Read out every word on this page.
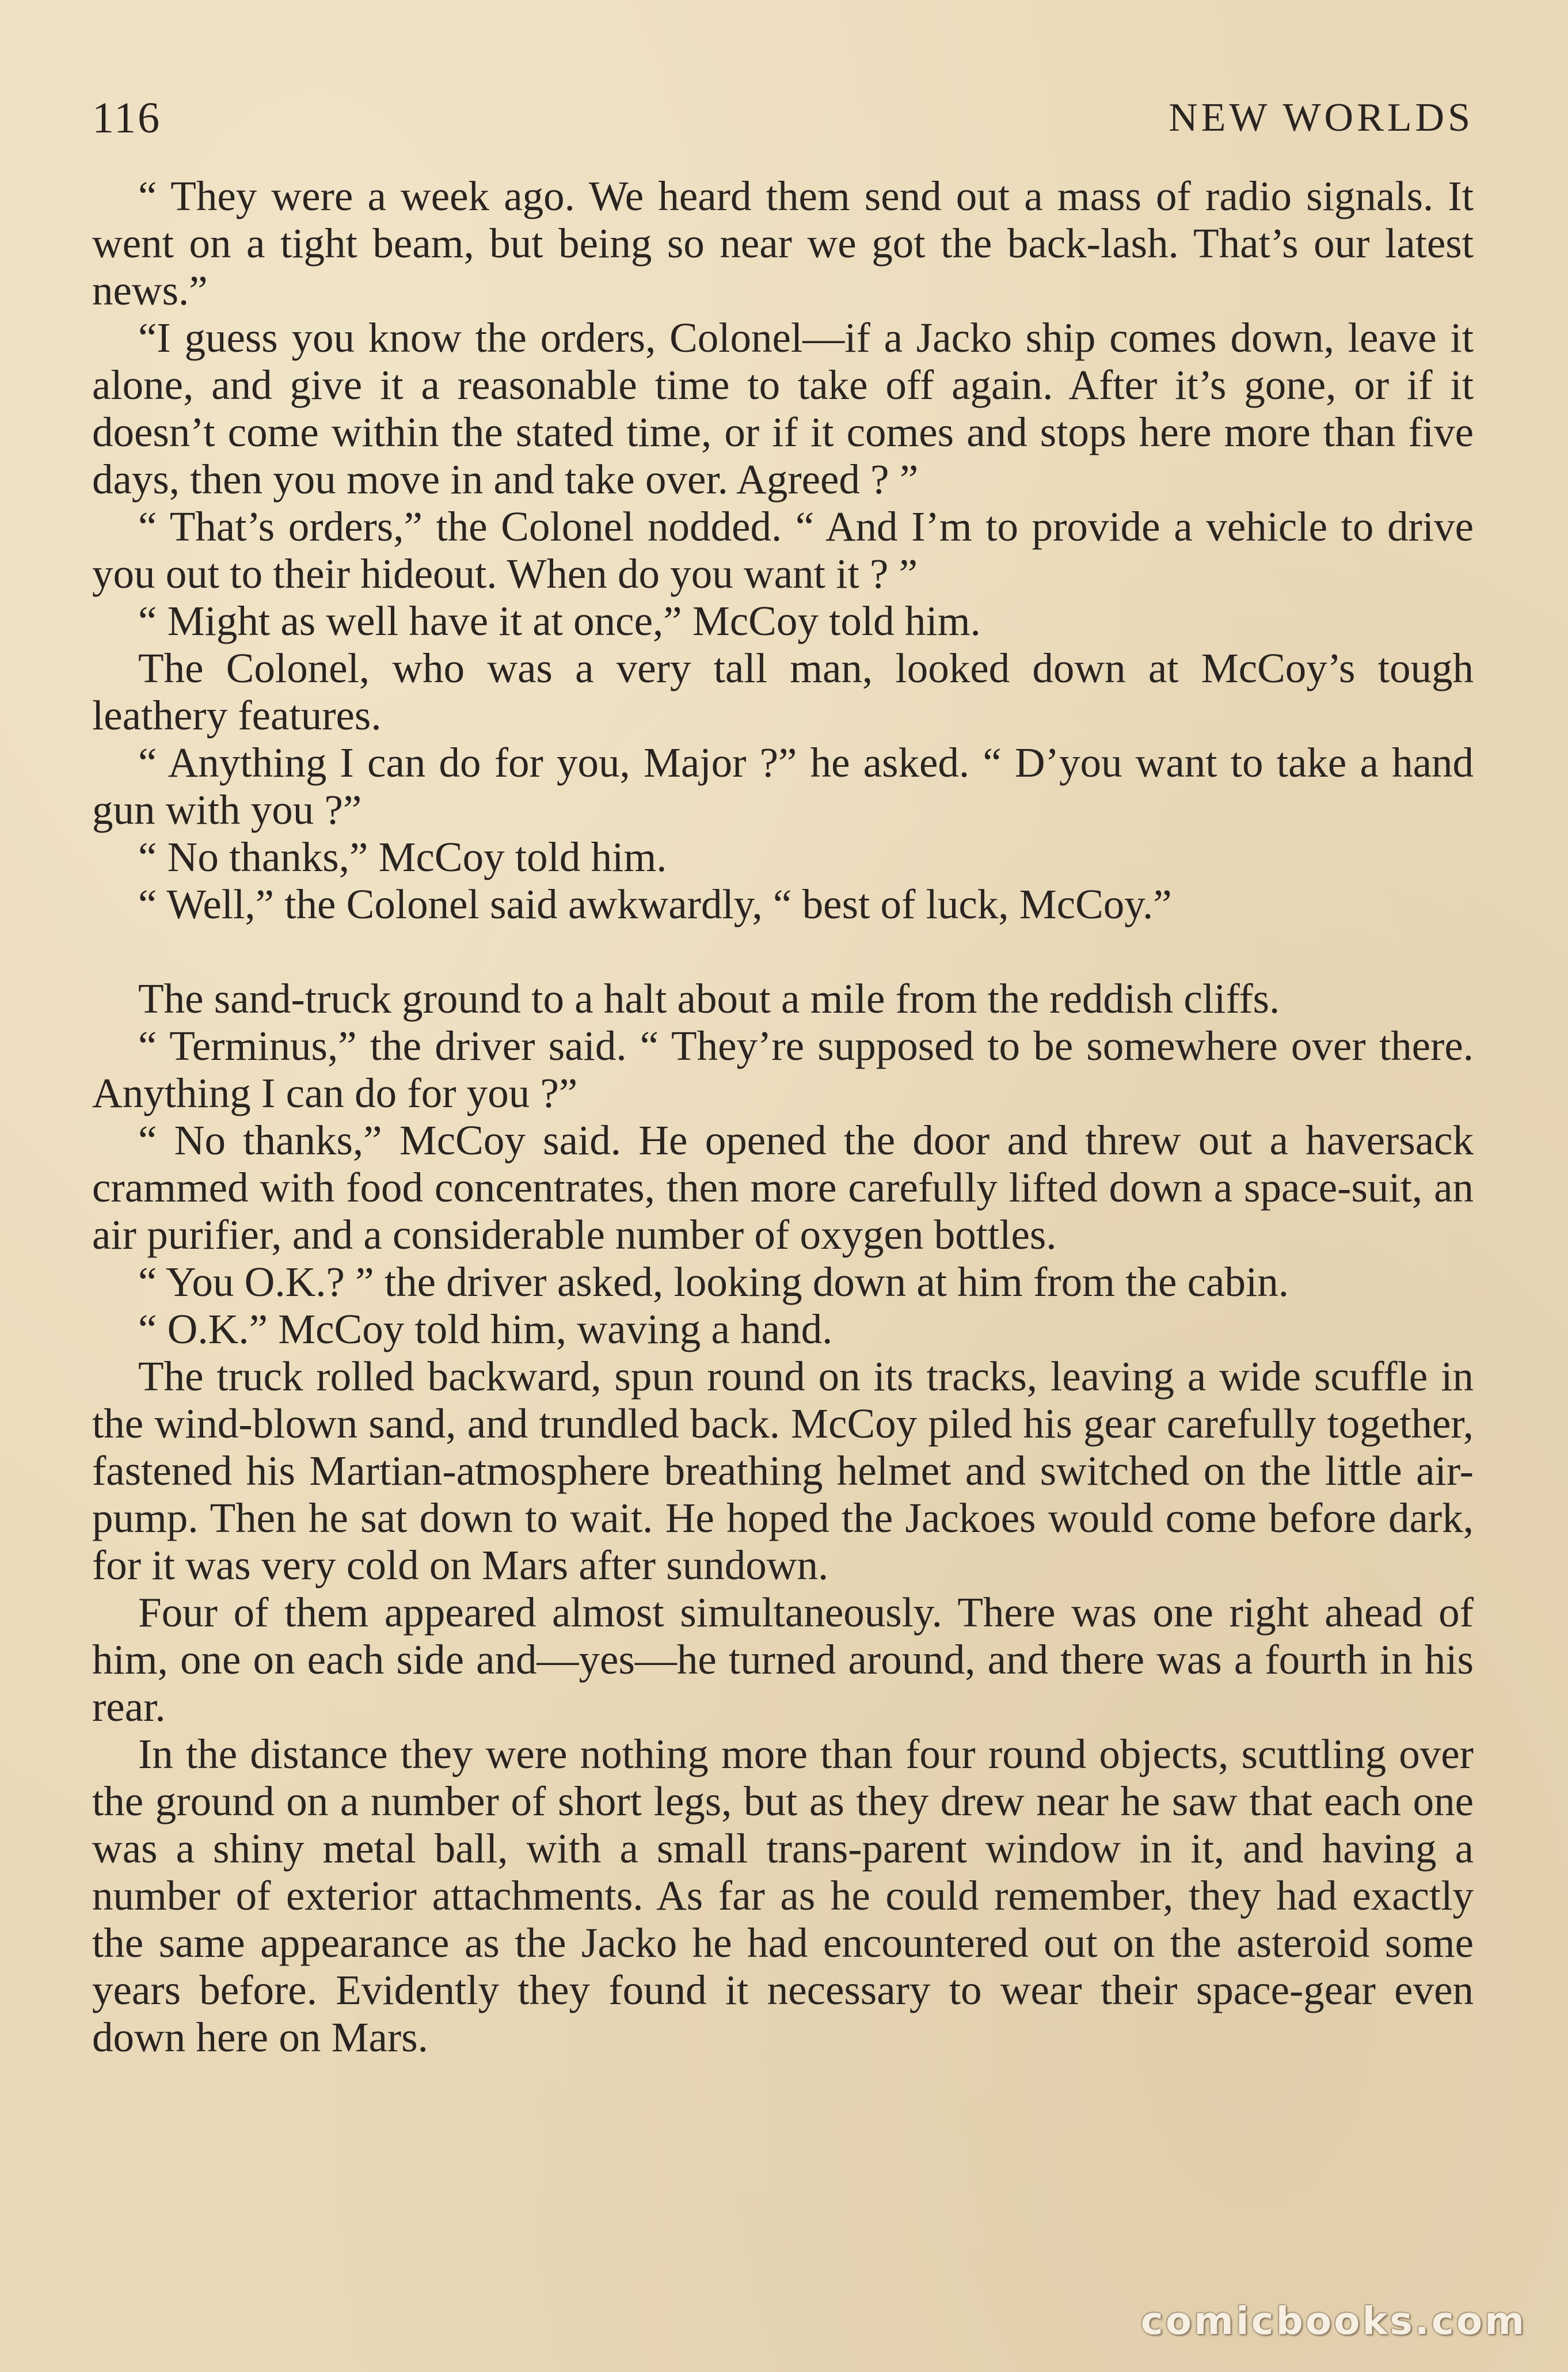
116	NEW WORLDS

“ They were a week ago. We heard them send out a mass of radio signals. It went on a tight beam, but being so near we got the back-lash. That’s our latest news.”

“I guess you know the orders, Colonel—if a Jacko ship comes down, leave it alone, and give it a reasonable time to take off again. After it’s gone, or if it doesn’t come within the stated time, or if it comes and stops here more than five days, then you move in and take over. Agreed ? ”

“ That’s orders,” the Colonel nodded. “ And I’m to provide a vehicle to drive you out to their hideout. When do you want it ? ”

“ Might as well have it at once,” McCoy told him.

The Colonel, who was a very tall man, looked down at McCoy’s tough leathery features.

“ Anything I can do for you, Major ?” he asked. “ D’you want to take a hand gun with you ?”

“ No thanks,” McCoy told him.

“ Well,” the Colonel said awkwardly, “ best of luck, McCoy.”

The sand-truck ground to a halt about a mile from the reddish cliffs.

“ Terminus,” the driver said. “ They’re supposed to be somewhere over there. Anything I can do for you ?”

“ No thanks,” McCoy said. He opened the door and threw out a haversack crammed with food concentrates, then more carefully lifted down a space-suit, an air purifier, and a considerable number of oxygen bottles.

“ You O.K.? ” the driver asked, looking down at him from the cabin.

“ O.K.” McCoy told him, waving a hand.

The truck rolled backward, spun round on its tracks, leaving a wide scuffle in the wind-blown sand, and trundled back. McCoy piled his gear carefully together, fastened his Martian-atmosphere breathing helmet and switched on the little air-pump. Then he sat down to wait. He hoped the Jackoes would come before dark, for it was very cold on Mars after sundown.

Four of them appeared almost simultaneously. There was one right ahead of him, one on each side and—yes—he turned around, and there was a fourth in his rear.

In the distance they were nothing more than four round objects, scuttling over the ground on a number of short legs, but as they drew near he saw that each one was a shiny metal ball, with a small trans-parent window in it, and having a number of exterior attachments. As far as he could remember, they had exactly the same appearance as the Jacko he had encountered out on the asteroid some years before. Evidently they found it necessary to wear their space-gear even down here on Mars.

comicbooks.com
